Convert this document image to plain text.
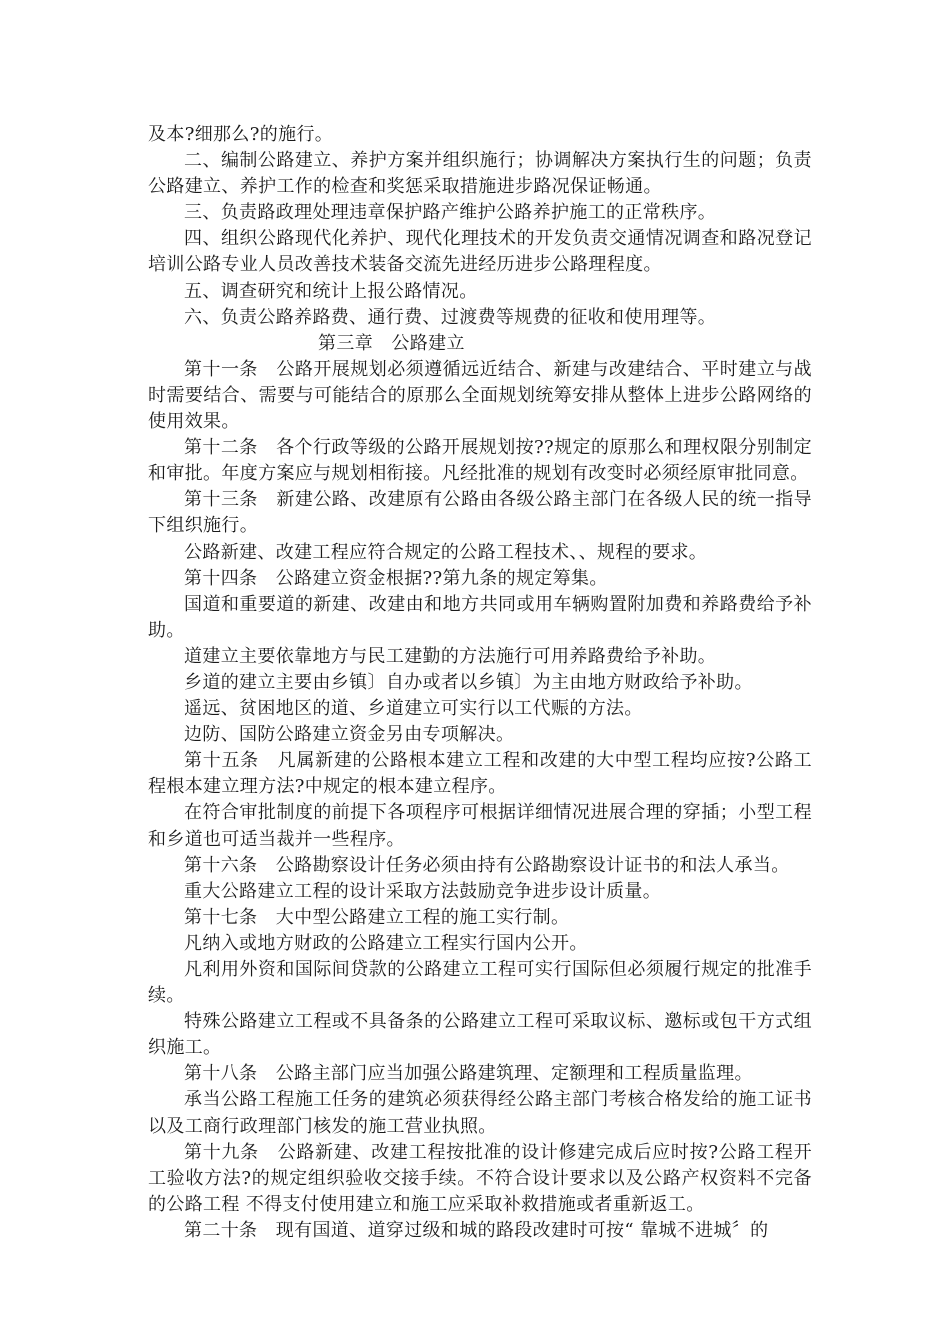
及本?细那么?的施行。

二、编制公路建立、养护方案并组织施行；协调解决方案执行生的问题；负责公路建立、养护工作的检查和奖惩采取措施进步路况保证畅通。

三、负责路政理处理违章保护路产维护公路养护施工的正常秩序。

四、组织公路现代化养护、现代化理技术的开发负责交通情况调查和路况登记培训公路专业人员改善技术装备交流先进经历进步公路理程度。

五、调查研究和统计上报公路情况。

六、负责公路养路费、通行费、过渡费等规费的征收和使用理等。

第三章　公路建立

第十一条　公路开展规划必须遵循远近结合、新建与改建结合、平时建立与战时需要结合、需要与可能结合的原那么全面规划统筹安排从整体上进步公路网络的使用效果。

第十二条　各个行政等级的公路开展规划按??规定的原那么和理权限分别制定和审批。年度方案应与规划相衔接。凡经批准的规划有改变时必须经原审批同意。

第十三条　新建公路、改建原有公路由各级公路主部门在各级人民的统一指导下组织施行。

公路新建、改建工程应符合规定的公路工程技术、、规程的要求。

第十四条　公路建立资金根据??第九条的规定筹集。

国道和重要道的新建、改建由和地方共同或用车辆购置附加费和养路费给予补助。

道建立主要依靠地方与民工建勤的方法施行可用养路费给予补助。

乡道的建立主要由乡镇〕自办或者以乡镇〕为主由地方财政给予补助。

遥远、贫困地区的道、乡道建立可实行以工代赈的方法。

边防、国防公路建立资金另由专项解决。

第十五条　凡属新建的公路根本建立工程和改建的大中型工程均应按?公路工程根本建立理方法?中规定的根本建立程序。

在符合审批制度的前提下各项程序可根据详细情况进展合理的穿插；小型工程和乡道也可适当裁并一些程序。

第十六条　公路勘察设计任务必须由持有公路勘察设计证书的和法人承当。

重大公路建立工程的设计采取方法鼓励竞争进步设计质量。

第十七条　大中型公路建立工程的施工实行制。

凡纳入或地方财政的公路建立工程实行国内公开。

凡利用外资和国际间贷款的公路建立工程可实行国际但必须履行规定的批准手续。

特殊公路建立工程或不具备条的公路建立工程可采取议标、邀标或包干方式组织施工。

第十八条　公路主部门应当加强公路建筑理、定额理和工程质量监理。

承当公路工程施工任务的建筑必须获得经公路主部门考核合格发给的施工证书 以及工商行政理部门核发的施工营业执照。

第十九条　公路新建、改建工程按批准的设计修建完成后应时按?公路工程开工验收方法?的规定组织验收交接手续。不符合设计要求以及公路产权资料不完备的公路工程 不得支付使用建立和施工应采取补救措施或者重新返工。

第二十条　现有国道、道穿过级和城的路段改建时可按“ 靠城不进城〞的
